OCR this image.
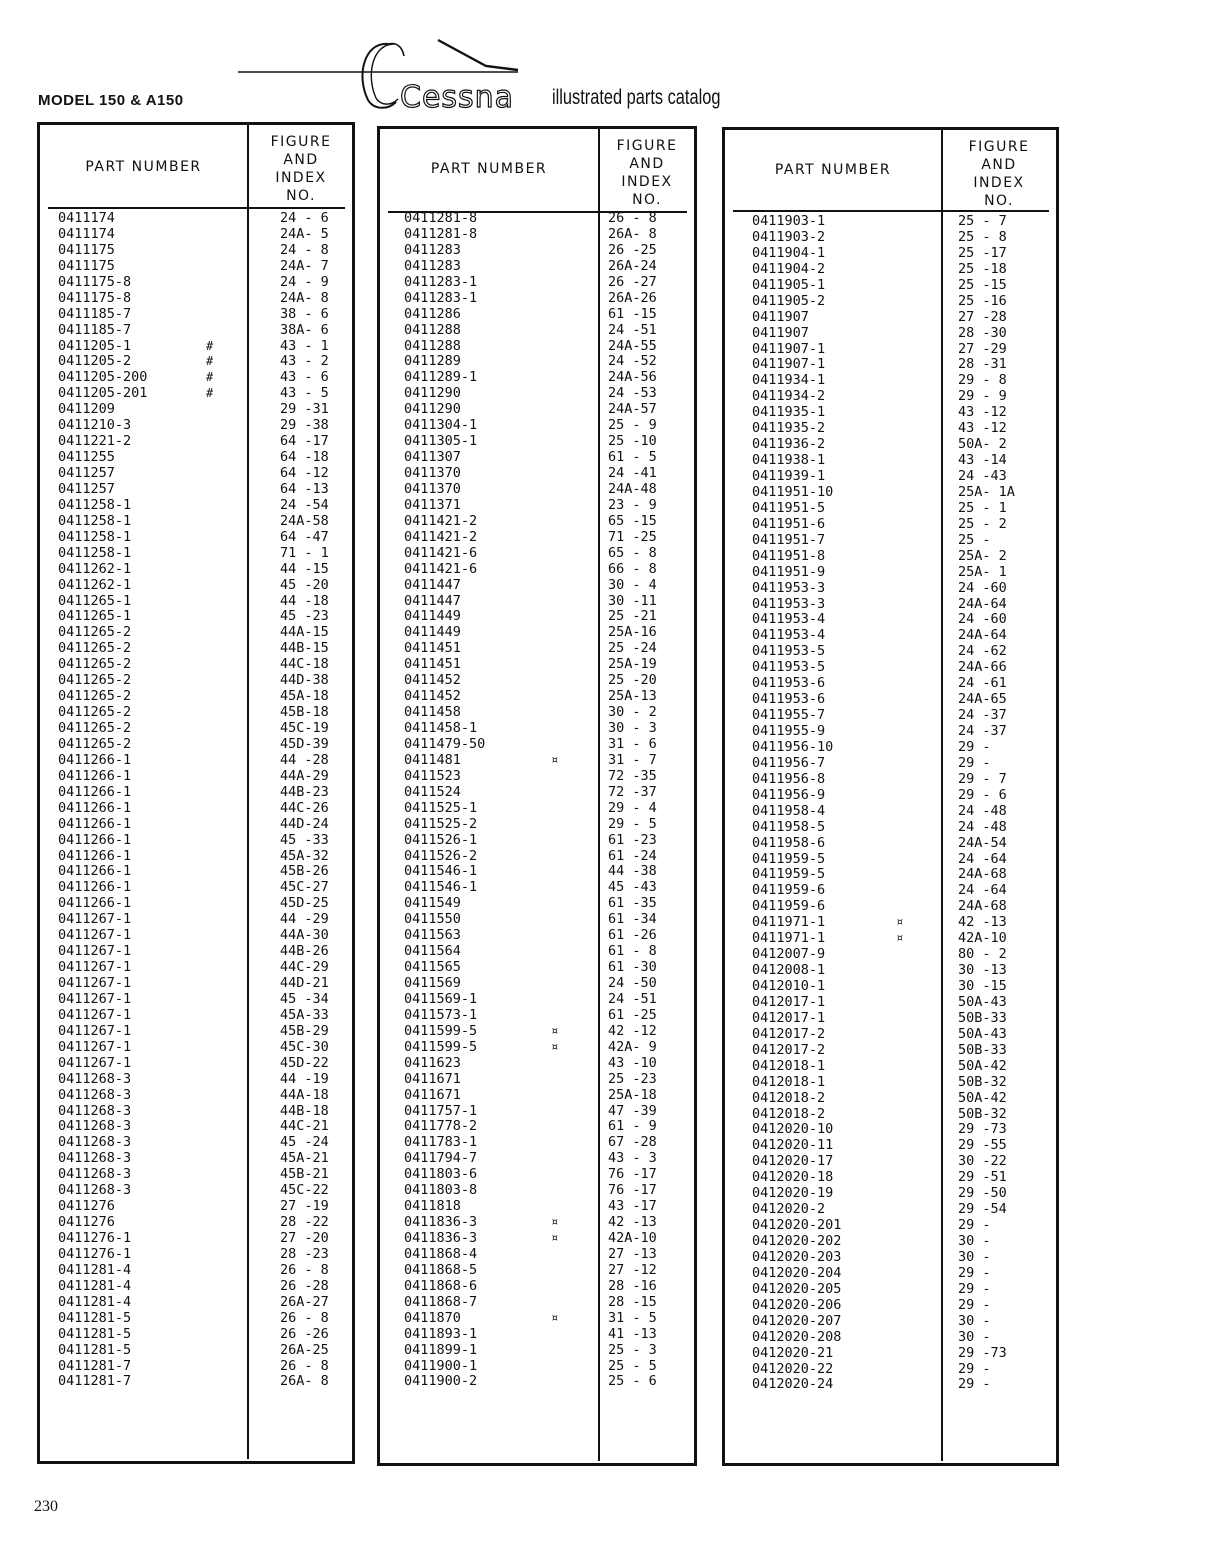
MODEL 150 & A150	Cessna illustrated parts catalog
PART NUMBER
FIGURE
AND
INDEX
NO.
0411174	24 - 6
0411174	24A- 5
0411175	24 - 8
0411175	24A- 7
0411175-8	24 - 9
0411175-8	24A- 8
0411185-7	38 - 6
0411185-7	38A- 6
0411205-1	#	43 - 1
0411205-2	#	43 - 2
0411205-200	#	43 - 6
0411205-201	#	43 - 5
0411209	29 -31
0411210-3	29 -38
0411221-2	64 -17
0411255	64 -18
0411257	64 -12
0411257	64 -13
0411258-1	24 -54
0411258-1	24A-58
0411258-1	64 -47
0411258-1	71 - 1
0411262-1	44 -15
0411262-1	45 -20
0411265-1	44 -18
0411265-1	45 -23
0411265-2	44A-15
0411265-2	44B-15
0411265-2	44C-18
0411265-2	44D-38
0411265-2	45A-18
0411265-2	45B-18
0411265-2	45C-19
0411265-2	45D-39
0411266-1	44 -28
0411266-1	44A-29
0411266-1	44B-23
0411266-1	44C-26
0411266-1	44D-24
0411266-1	45 -33
0411266-1	45A-32
0411266-1	45B-26
0411266-1	45C-27
0411266-1	45D-25
0411267-1	44 -29
0411267-1	44A-30
0411267-1	44B-26
0411267-1	44C-29
0411267-1	44D-21
0411267-1	45 -34
0411267-1	45A-33
0411267-1	45B-29
0411267-1	45C-30
0411267-1	45D-22
0411268-3	44 -19
0411268-3	44A-18
0411268-3	44B-18
0411268-3	44C-21
0411268-3	45 -24
0411268-3	45A-21
0411268-3	45B-21
0411268-3	45C-22
0411276	27 -19
0411276	28 -22
0411276-1	27 -20
0411276-1	28 -23
0411281-4	26 - 8
0411281-4	26 -28
0411281-4	26A-27
0411281-5	26 - 8
0411281-5	26 -26
0411281-5	26A-25
0411281-7	26 - 8
0411281-7	26A- 8
PART NUMBER
FIGURE
AND
INDEX
NO.
0411281-8	26 - 8
0411281-8	26A- 8
0411283	26 -25
0411283	26A-24
0411283-1	26 -27
0411283-1	26A-26
0411286	61 -15
0411288	24 -51
0411288	24A-55
0411289	24 -52
0411289-1	24A-56
0411290	24 -53
0411290	24A-57
0411304-1	25 - 9
0411305-1	25 -10
0411307	61 - 5
0411370	24 -41
0411370	24A-48
0411371	23 - 9
0411421-2	65 -15
0411421-2	71 -25
0411421-6	65 - 8
0411421-6	66 - 8
0411447	30 - 4
0411447	30 -11
0411449	25 -21
0411449	25A-16
0411451	25 -24
0411451	25A-19
0411452	25 -20
0411452	25A-13
0411458	30 - 2
0411458-1	30 - 3
0411479-50	31 - 6
0411481	¤	31 - 7
0411523	72 -35
0411524	72 -37
0411525-1	29 - 4
0411525-2	29 - 5
0411526-1	61 -23
0411526-2	61 -24
0411546-1	44 -38
0411546-1	45 -43
0411549	61 -35
0411550	61 -34
0411563	61 -26
0411564	61 - 8
0411565	61 -30
0411569	24 -50
0411569-1	24 -51
0411573-1	61 -25
0411599-5	¤	42 -12
0411599-5	¤	42A- 9
0411623	43 -10
0411671	25 -23
0411671	25A-18
0411757-1	47 -39
0411778-2	61 - 9
0411783-1	67 -28
0411794-7	43 - 3
0411803-6	76 -17
0411803-8	76 -17
0411818	43 -17
0411836-3	¤	42 -13
0411836-3	¤	42A-10
0411868-4	27 -13
0411868-5	27 -12
0411868-6	28 -16
0411868-7	28 -15
0411870	¤	31 - 5
0411893-1	41 -13
0411899-1	25 - 3
0411900-1	25 - 5
0411900-2	25 - 6
PART NUMBER
FIGURE
AND
INDEX
NO.
0411903-1	25 - 7
0411903-2	25 - 8
0411904-1	25 -17
0411904-2	25 -18
0411905-1	25 -15
0411905-2	25 -16
0411907	27 -28
0411907	28 -30
0411907-1	27 -29
0411907-1	28 -31
0411934-1	29 - 8
0411934-2	29 - 9
0411935-1	43 -12
0411935-2	43 -12
0411936-2	50A- 2
0411938-1	43 -14
0411939-1	24 -43
0411951-10	25A- 1A
0411951-5	25 - 1
0411951-6	25 - 2
0411951-7	25 -
0411951-8	25A- 2
0411951-9	25A- 1
0411953-3	24 -60
0411953-3	24A-64
0411953-4	24 -60
0411953-4	24A-64
0411953-5	24 -62
0411953-5	24A-66
0411953-6	24 -61
0411953-6	24A-65
0411955-7	24 -37
0411955-9	24 -37
0411956-10	29 -
0411956-7	29 -
0411956-8	29 - 7
0411956-9	29 - 6
0411958-4	24 -48
0411958-5	24 -48
0411958-6	24A-54
0411959-5	24 -64
0411959-5	24A-68
0411959-6	24 -64
0411959-6	24A-68
0411971-1	¤	42 -13
0411971-1	¤	42A-10
0412007-9	80 - 2
0412008-1	30 -13
0412010-1	30 -15
0412017-1	50A-43
0412017-1	50B-33
0412017-2	50A-43
0412017-2	50B-33
0412018-1	50A-42
0412018-1	50B-32
0412018-2	50A-42
0412018-2	50B-32
0412020-10	29 -73
0412020-11	29 -55
0412020-17	30 -22
0412020-18	29 -51
0412020-19	29 -50
0412020-2	29 -54
0412020-201	29 -
0412020-202	30 -
0412020-203	30 -
0412020-204	29 -
0412020-205	29 -
0412020-206	29 -
0412020-207	30 -
0412020-208	30 -
0412020-21	29 -73
0412020-22	29 -
0412020-24	29 -
230
